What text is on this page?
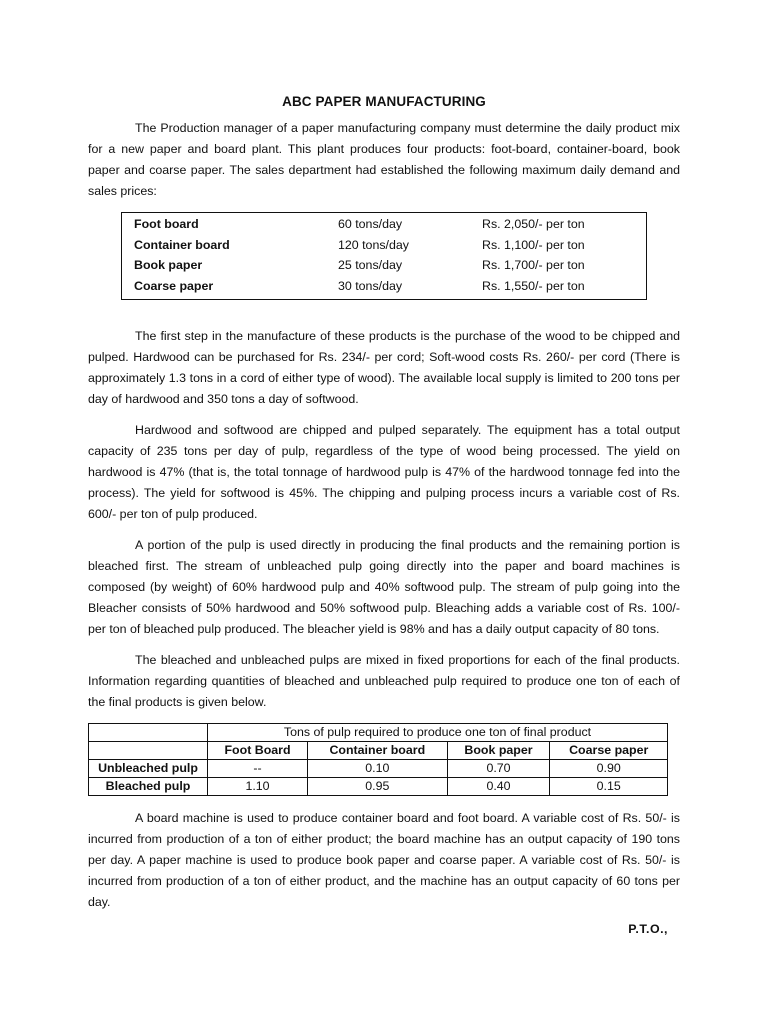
ABC PAPER MANUFACTURING

The Production manager of a paper manufacturing company must determine the daily product mix for a new paper and board plant. This plant produces four products: foot-board, container-board, book paper and coarse paper. The sales department had established the following maximum daily demand and sales prices:

Foot board	60 tons/day	Rs. 2,050/- per ton
Container board	120 tons/day	Rs. 1,100/- per ton
Book paper	25 tons/day	Rs. 1,700/- per ton
Coarse paper	30 tons/day	Rs. 1,550/- per ton

The first step in the manufacture of these products is the purchase of the wood to be chipped and pulped. Hardwood can be purchased for Rs. 234/- per cord; Soft-wood costs Rs. 260/- per cord (There is approximately 1.3 tons in a cord of either type of wood). The available local supply is limited to 200 tons per day of hardwood and 350 tons a day of softwood.

Hardwood and softwood are chipped and pulped separately. The equipment has a total output capacity of 235 tons per day of pulp, regardless of the type of wood being processed. The yield on hardwood is 47% (that is, the total tonnage of hardwood pulp is 47% of the hardwood tonnage fed into the process). The yield for softwood is 45%. The chipping and pulping process incurs a variable cost of Rs. 600/- per ton of pulp produced.

A portion of the pulp is used directly in producing the final products and the remaining portion is bleached first. The stream of unbleached pulp going directly into the paper and board machines is composed (by weight) of 60% hardwood pulp and 40% softwood pulp. The stream of pulp going into the Bleacher consists of 50% hardwood and 50% softwood pulp. Bleaching adds a variable cost of Rs. 100/- per ton of bleached pulp produced. The bleacher yield is 98% and has a daily output capacity of 80 tons.

The bleached and unbleached pulps are mixed in fixed proportions for each of the final products. Information regarding quantities of bleached and unbleached pulp required to produce one ton of each of the final products is given below.

	Tons of pulp required to produce one ton of final product			
	Foot Board	Container board	Book paper	Coarse paper
Unbleached pulp	--	0.10	0.70	0.90
Bleached pulp	1.10	0.95	0.40	0.15

A board machine is used to produce container board and foot board. A variable cost of Rs. 50/- is incurred from production of a ton of either product; the board machine has an output capacity of 190 tons per day. A paper machine is used to produce book paper and coarse paper. A variable cost of Rs. 50/- is incurred from production of a ton of either product, and the machine has an output capacity of 60 tons per day.

P.T.O.,
